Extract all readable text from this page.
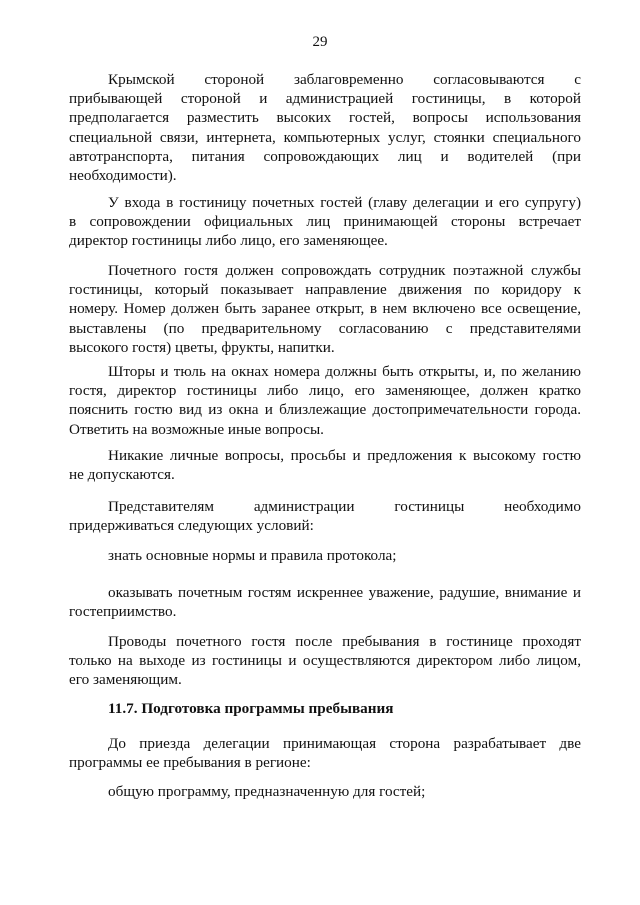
29
Крымской стороной заблаговременно согласовываются с
прибывающей стороной и администрацией гостиницы, в которой
предполагается разместить высоких гостей, вопросы использования
специальной связи, интернета, компьютерных услуг, стоянки специального
автотранспорта, питания сопровождающих лиц и водителей (при
необходимости).
У входа в гостиницу почетных гостей (главу делегации и его супругу)
в сопровождении официальных лиц принимающей стороны встречает
директор гостиницы либо лицо, его заменяющее.
Почетного гостя должен сопровождать сотрудник поэтажной службы
гостиницы, который показывает направление движения по коридору к
номеру. Номер должен быть заранее открыт, в нем включено все освещение,
выставлены (по предварительному согласованию с представителями
высокого гостя) цветы, фрукты, напитки.
Шторы и тюль на окнах номера должны быть открыты, и, по желанию
гостя, директор гостиницы либо лицо, его заменяющее, должен кратко
пояснить гостю вид из окна и близлежащие достопримечательности города.
Ответить на возможные иные вопросы.
Никакие личные вопросы, просьбы и предложения к высокому гостю
не допускаются.
Представителям администрации гостиницы необходимо
придерживаться следующих условий:
знать основные нормы и правила протокола;
оказывать почетным гостям искреннее уважение, радушие, внимание и
гостеприимство.
Проводы почетного гостя после пребывания в гостинице проходят
только на выходе из гостиницы и осуществляются директором либо лицом,
его заменяющим.
11.7. Подготовка программы пребывания
До приезда делегации принимающая сторона разрабатывает две
программы ее пребывания в регионе:
общую программу, предназначенную для гостей;
